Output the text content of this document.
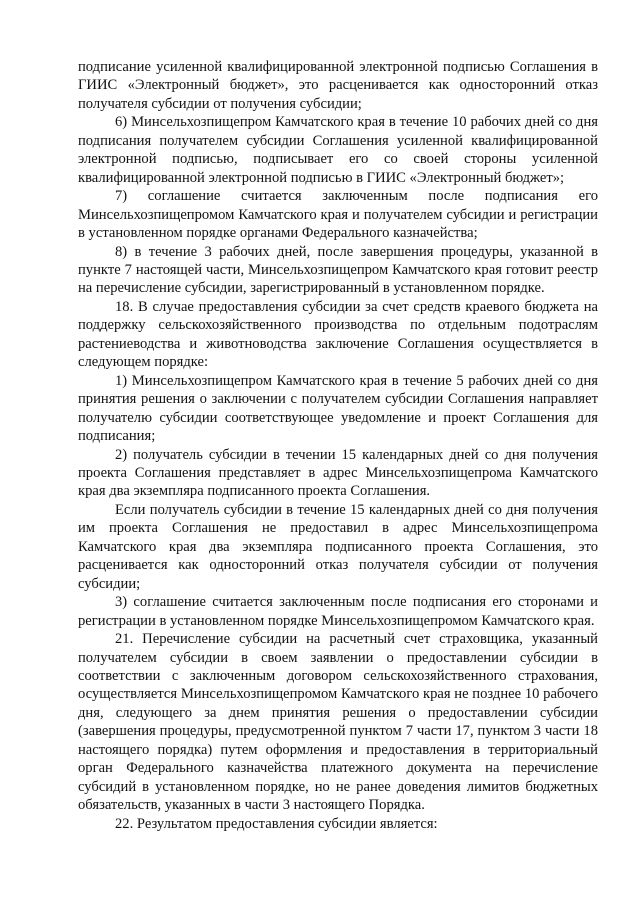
подписание усиленной квалифицированной электронной подписью Соглашения в ГИИС «Электронный бюджет», это расценивается как односторонний отказ получателя субсидии от получения субсидии;

6) Минсельхозпищепром Камчатского края в течение 10 рабочих дней со дня подписания получателем субсидии Соглашения усиленной квалифицированной электронной подписью, подписывает его со своей стороны усиленной квалифицированной электронной подписью в ГИИС «Электронный бюджет»;

7) соглашение считается заключенным после подписания его Минсельхозпищепромом Камчатского края и получателем субсидии и регистрации в установленном порядке органами Федерального казначейства;

8) в течение 3 рабочих дней, после завершения процедуры, указанной в пункте 7 настоящей части, Минсельхозпищепром Камчатского края готовит реестр на перечисление субсидии, зарегистрированный в установленном порядке.

18. В случае предоставления субсидии за счет средств краевого бюджета на поддержку сельскохозяйственного производства по отдельным подотраслям растениеводства и животноводства заключение Соглашения осуществляется в следующем порядке:

1) Минсельхозпищепром Камчатского края в течение 5 рабочих дней со дня принятия решения о заключении с получателем субсидии Соглашения направляет получателю субсидии соответствующее уведомление и проект Соглашения для подписания;

2) получатель субсидии в течении 15 календарных дней со дня получения проекта Соглашения представляет в адрес Минсельхозпищепрома Камчатского края два экземпляра подписанного проекта Соглашения.

Если получатель субсидии в течение 15 календарных дней со дня получения им проекта Соглашения не предоставил в адрес Минсельхозпищепрома Камчатского края два экземпляра подписанного проекта Соглашения, это расценивается как односторонний отказ получателя субсидии от получения субсидии;

3) соглашение считается заключенным после подписания его сторонами и регистрации в установленном порядке Минсельхозпищепромом Камчатского края.

21. Перечисление субсидии на расчетный счет страховщика, указанный получателем субсидии в своем заявлении о предоставлении субсидии в соответствии с заключенным договором сельскохозяйственного страхования, осуществляется Минсельхозпищепромом Камчатского края не позднее 10 рабочего дня, следующего за днем принятия решения о предоставлении субсидии (завершения процедуры, предусмотренной пунктом 7 части 17, пунктом 3 части 18 настоящего порядка) путем оформления и предоставления в территориальный орган Федерального казначейства платежного документа на перечисление субсидий в установленном порядке, но не ранее доведения лимитов бюджетных обязательств, указанных в части 3 настоящего Порядка.

22. Результатом предоставления субсидии является:
